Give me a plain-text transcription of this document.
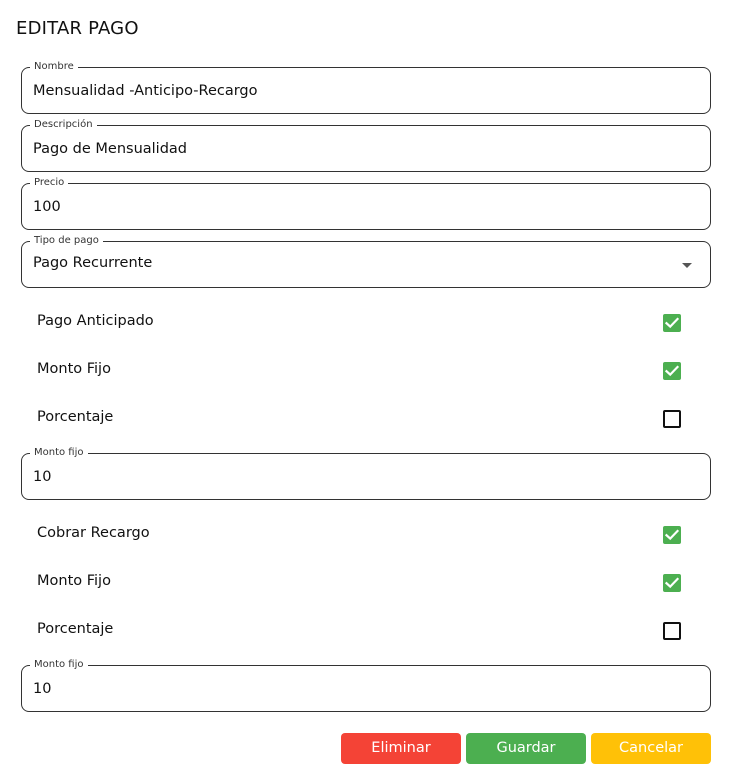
EDITAR PAGO
Nombre
Mensualidad -Anticipo-Recargo
Descripción
Pago de Mensualidad
Precio
100
Tipo de pago
Pago Recurrente
Pago Anticipado
Monto Fijo
Porcentaje
Monto fijo
10
Cobrar Recargo
Monto Fijo
Porcentaje
Monto fijo
10
Eliminar	Guardar	Cancelar
